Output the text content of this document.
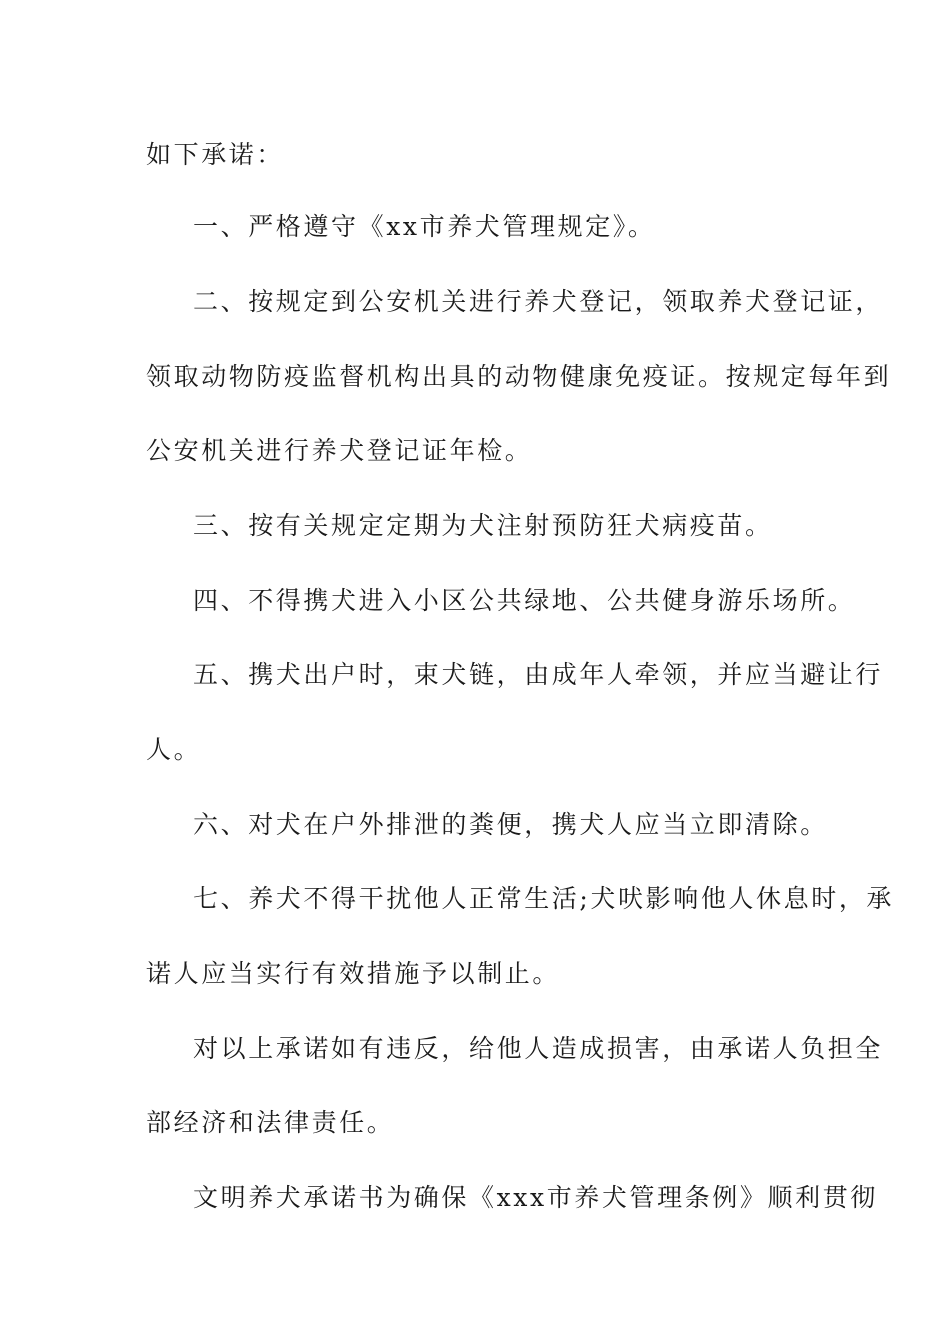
如下承诺：
一、严格遵守《xx市养犬管理规定》。
二、按规定到公安机关进行养犬登记，领取养犬登记证，
领取动物防疫监督机构出具的动物健康免疫证。按规定每年到
公安机关进行养犬登记证年检。
三、按有关规定定期为犬注射预防狂犬病疫苗。
四、不得携犬进入小区公共绿地、公共健身游乐场所。
五、携犬出户时，束犬链，由成年人牵领，并应当避让行
人。
六、对犬在户外排泄的粪便，携犬人应当立即清除。
七、养犬不得干扰他人正常生活;犬吠影响他人休息时，承
诺人应当实行有效措施予以制止。
对以上承诺如有违反，给他人造成损害，由承诺人负担全
部经济和法律责任。
文明养犬承诺书为确保《xxx市养犬管理条例》顺利贯彻
